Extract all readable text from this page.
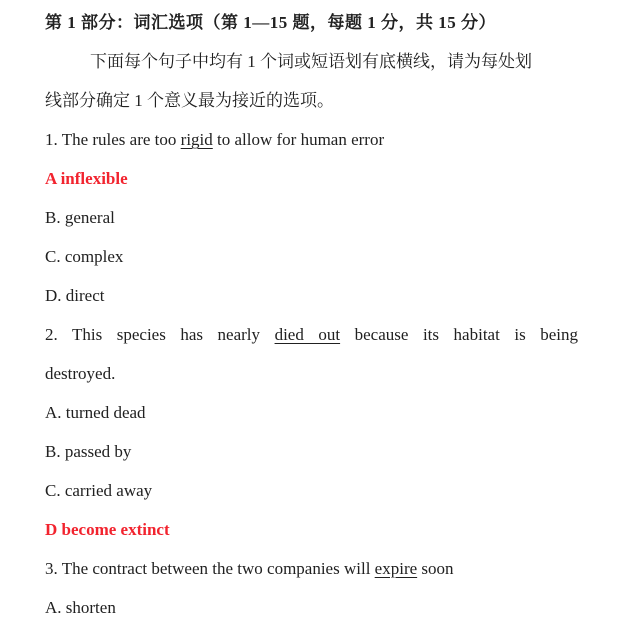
第 1 部分：词汇选项（第 1—15 题，每题 1 分，共 15 分）
下面每个句子中均有 1 个词或短语划有底横线，请为每处划
线部分确定 1 个意义最为接近的选项。
1. The rules are too rigid to allow for human error
A inflexible
B. general
C. complex
D. direct
2. This species has nearly died out because its habitat is being
destroyed.
A. turned dead
B. passed by
C. carried away
D become extinct
3. The contract between the two companies will expire soon
A. shorten
